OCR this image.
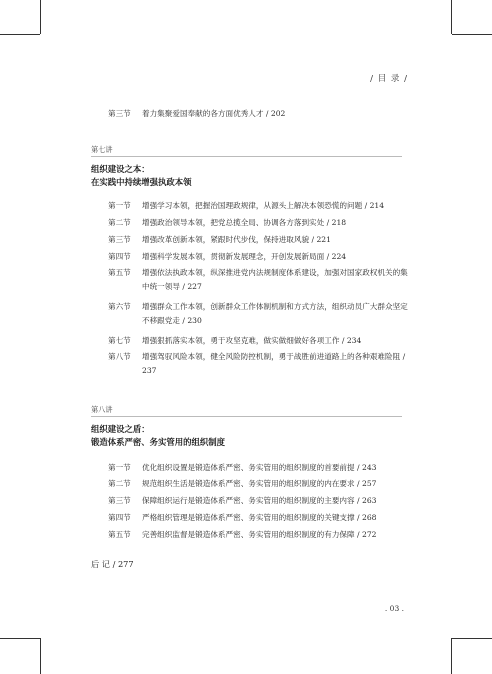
/ 目 录 /
第三节	着力集聚爱国奉献的各方面优秀人才 / 202
第七讲
组织建设之本：
在实践中持续增强执政本领
第一节	增强学习本领，把握治国理政规律，从源头上解决本领恐慌的问题 / 214
第二节	增强政治领导本领，把党总揽全局、协调各方落到实处 / 218
第三节	增强改革创新本领，紧跟时代步伐，保持进取风貌 / 221
第四节	增强科学发展本领，贯彻新发展理念，开创发展新局面 / 224
第五节	增强依法执政本领，纵深推进党内法规制度体系建设，加强对国家政权机关的集中统一领导 / 227
第六节	增强群众工作本领，创新群众工作体制机制和方式方法，组织动员广大群众坚定不移跟党走 / 230
第七节	增强狠抓落实本领，勇于攻坚克难，做实做细做好各项工作 / 234
第八节	增强驾驭风险本领，健全风险防控机制，勇于战胜前进道路上的各种艰难险阻 / 237
第八讲
组织建设之盾：
锻造体系严密、务实管用的组织制度
第一节	优化组织设置是锻造体系严密、务实管用的组织制度的首要前提 / 243
第二节	规范组织生活是锻造体系严密、务实管用的组织制度的内在要求 / 257
第三节	保障组织运行是锻造体系严密、务实管用的组织制度的主要内容 / 263
第四节	严格组织管理是锻造体系严密、务实管用的组织制度的关键支撑 / 268
第五节	完善组织监督是锻造体系严密、务实管用的组织制度的有力保障 / 272
后 记 / 277
. 03 .
